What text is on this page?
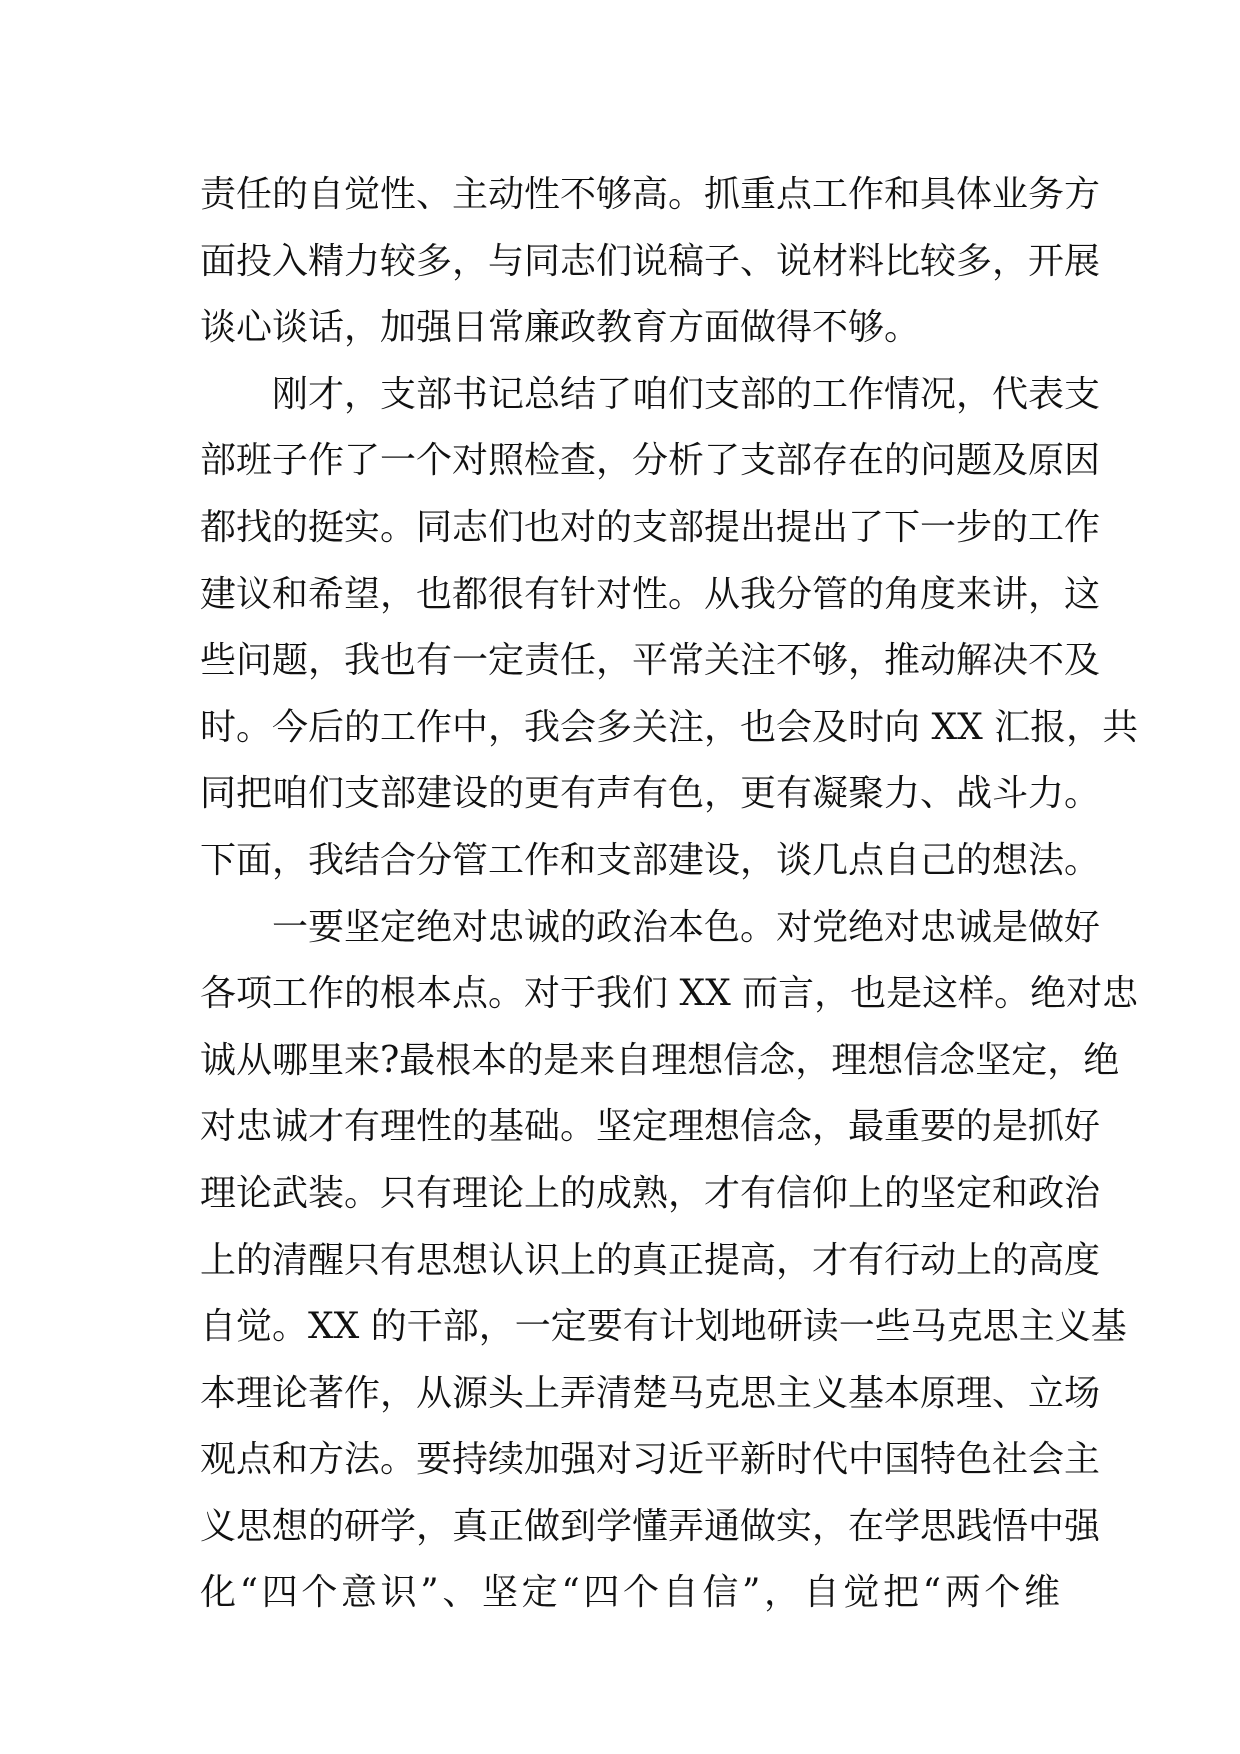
责任的自觉性、主动性不够高。抓重点工作和具体业务方
面投入精力较多，与同志们说稿子、说材料比较多，开展
谈心谈话，加强日常廉政教育方面做得不够。
刚才，支部书记总结了咱们支部的工作情况，代表支
部班子作了一个对照检查，分析了支部存在的问题及原因
都找的挺实。同志们也对的支部提出提出了下一步的工作
建议和希望，也都很有针对性。从我分管的角度来讲，这
些问题，我也有一定责任，平常关注不够，推动解决不及
时。今后的工作中，我会多关注，也会及时向 XX 汇报，共
同把咱们支部建设的更有声有色，更有凝聚力、战斗力。
下面，我结合分管工作和支部建设，谈几点自己的想法。
一要坚定绝对忠诚的政治本色。对党绝对忠诚是做好
各项工作的根本点。对于我们 XX 而言，也是这样。绝对忠
诚从哪里来?最根本的是来自理想信念，理想信念坚定，绝
对忠诚才有理性的基础。坚定理想信念，最重要的是抓好
理论武装。只有理论上的成熟，才有信仰上的坚定和政治
上的清醒只有思想认识上的真正提高，才有行动上的高度
自觉。XX 的干部，一定要有计划地研读一些马克思主义基
本理论著作，从源头上弄清楚马克思主义基本原理、立场
观点和方法。要持续加强对习近平新时代中国特色社会主
义思想的研学，真正做到学懂弄通做实，在学思践悟中强
化“四个意识”、坚定“四个自信”，自觉把“两个维
